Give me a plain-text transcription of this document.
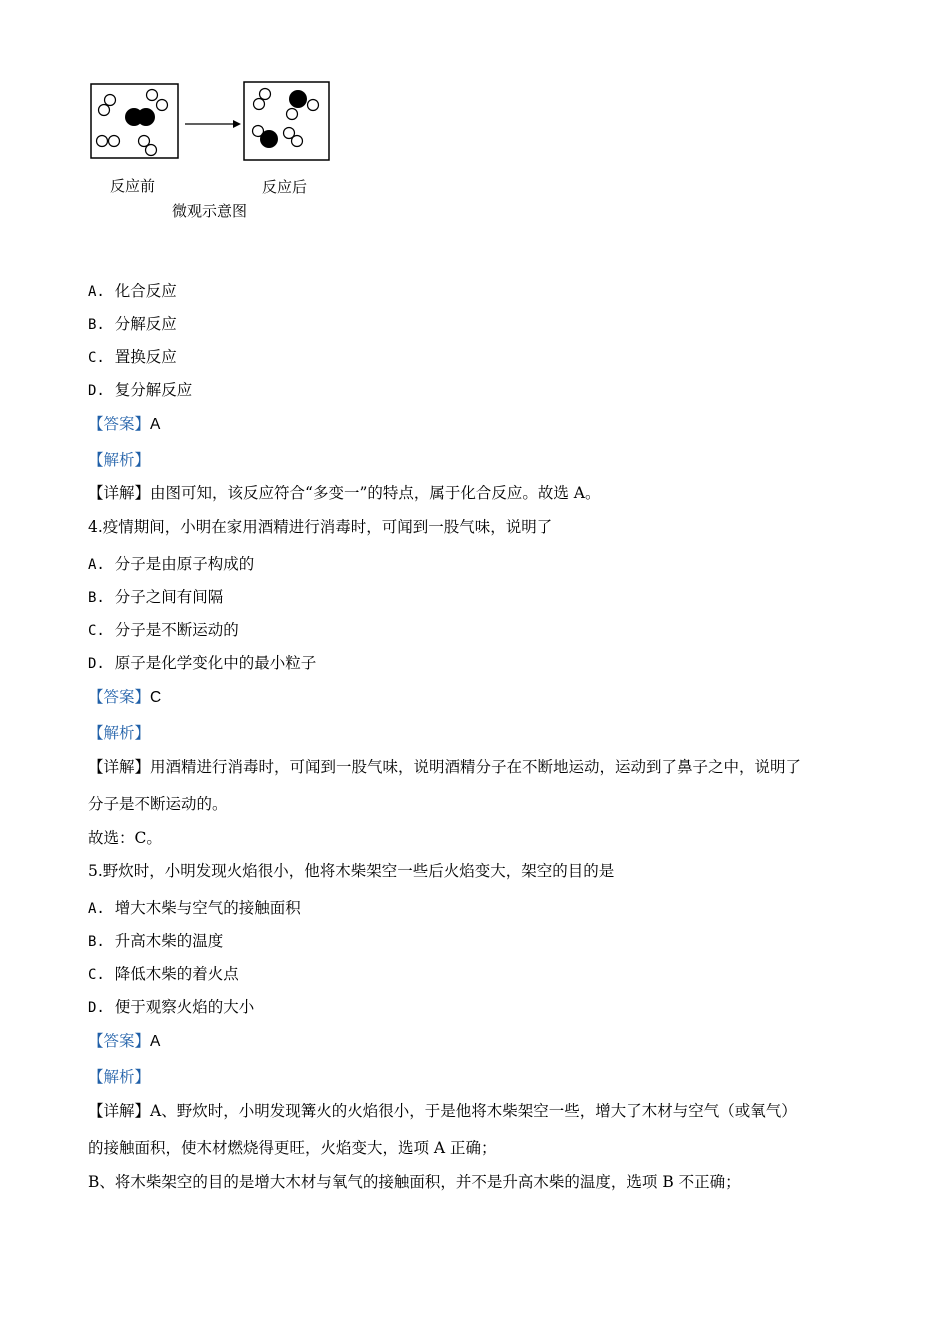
反应前	反应后
微观示意图
A. 化合反应
B. 分解反应
C. 置换反应
D. 复分解反应
【答案】A
【解析】
【详解】由图可知，该反应符合“多变一”的特点，属于化合反应。故选 A。
4.疫情期间，小明在家用酒精进行消毒时，可闻到一股气味，说明了
A. 分子是由原子构成的
B. 分子之间有间隔
C. 分子是不断运动的
D. 原子是化学变化中的最小粒子
【答案】C
【解析】
【详解】用酒精进行消毒时，可闻到一股气味，说明酒精分子在不断地运动，运动到了鼻子之中，说明了
分子是不断运动的。
故选：C。
5.野炊时，小明发现火焰很小，他将木柴架空一些后火焰变大，架空的目的是
A. 增大木柴与空气的接触面积
B. 升高木柴的温度
C. 降低木柴的着火点
D. 便于观察火焰的大小
【答案】A
【解析】
【详解】A、野炊时，小明发现篝火的火焰很小，于是他将木柴架空一些，增大了木材与空气（或氧气）
的接触面积，使木材燃烧得更旺，火焰变大，选项 A 正确；
B、将木柴架空的目的是增大木材与氧气的接触面积，并不是升高木柴的温度，选项 B 不正确；
